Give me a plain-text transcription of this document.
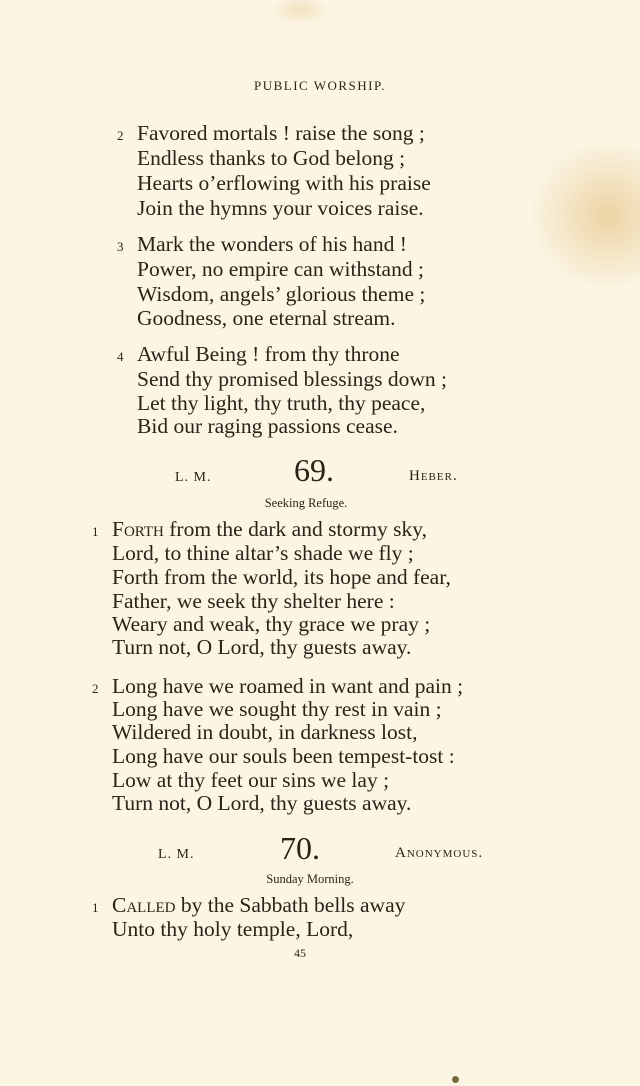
PUBLIC WORSHIP.
2 Favored mortals ! raise the song ;
Endless thanks to God belong ;
Hearts o’erflowing with his praise
Join the hymns your voices raise.
3 Mark the wonders of his hand !
Power, no empire can withstand ;
Wisdom, angels’ glorious theme ;
Goodness, one eternal stream.
4 Awful Being ! from thy throne
Send thy promised blessings down ;
Let thy light, thy truth, thy peace,
Bid our raging passions cease.
L. M.	69.	Heber.
Seeking Refuge.
1 Forth from the dark and stormy sky,
Lord, to thine altar’s shade we fly ;
Forth from the world, its hope and fear,
Father, we seek thy shelter here :
Weary and weak, thy grace we pray ;
Turn not, O Lord, thy guests away.
2 Long have we roamed in want and pain ;
Long have we sought thy rest in vain ;
Wildered in doubt, in darkness lost,
Long have our souls been tempest-tost :
Low at thy feet our sins we lay ;
Turn not, O Lord, thy guests away.
L. M.	70.	Anonymous.
Sunday Morning.
1 Called by the Sabbath bells away
Unto thy holy temple, Lord,
45
